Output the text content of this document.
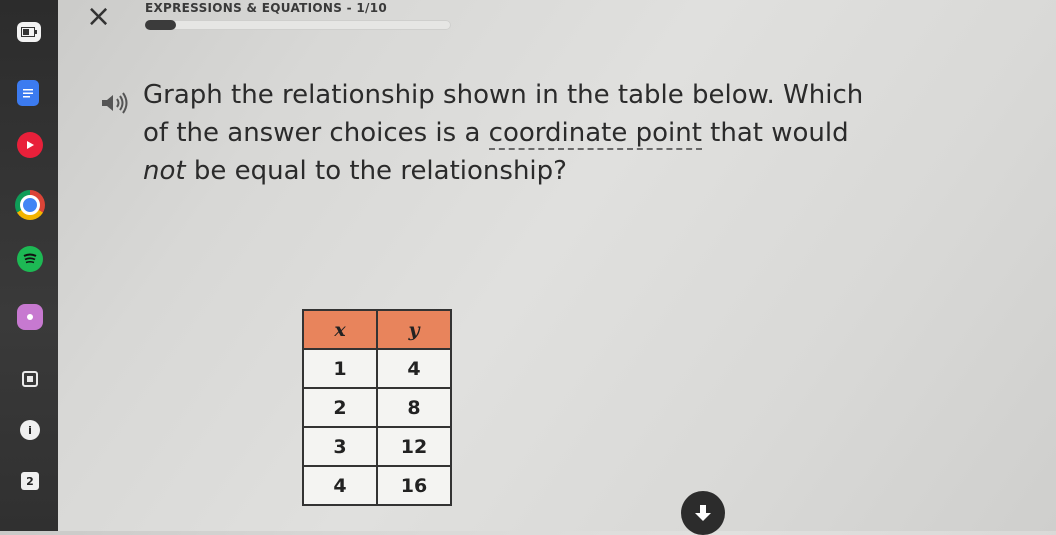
i
2
×	EXPRESSIONS & EQUATIONS - 1/10
Graph the relationship shown in the table below. Which
of the answer choices is a coordinate point that would
not be equal to the relationship?
x	y
1	4
2	8
3	12
4	16
